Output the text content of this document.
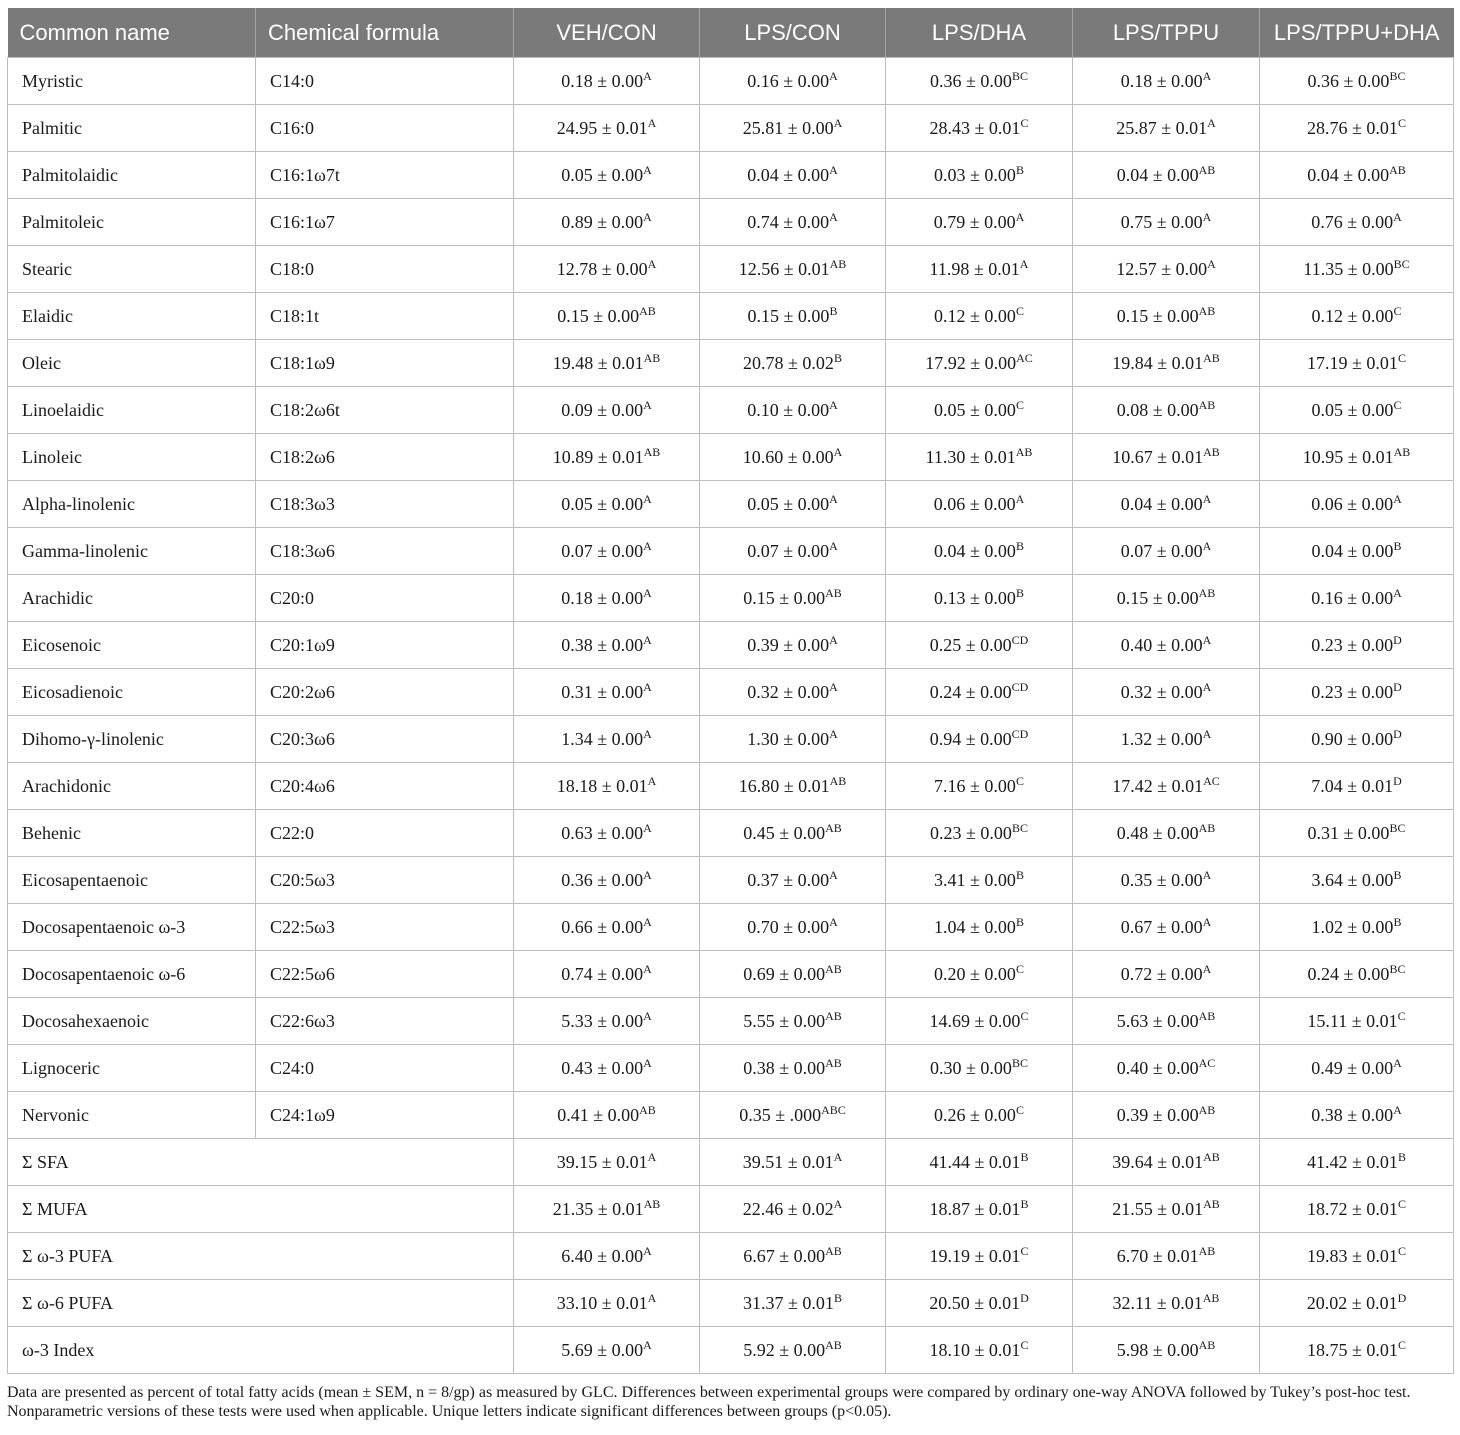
Common name	Chemical formula	VEH/CON	LPS/CON	LPS/DHA	LPS/TPPU	LPS/TPPU+DHA
Myristic	C14:0	$0.18 \pm 0.00^A$	$0.16 \pm 0.00^A$	$0.36 \pm 0.00^{BC}$	$0.18 \pm 0.00^A$	$0.36 \pm 0.00^{BC}$
Palmitic	C16:0	$24.95 \pm 0.01^A$	$25.81 \pm 0.00^A$	$28.43 \pm 0.01^C$	$25.87 \pm 0.01^A$	$28.76 \pm 0.01^C$
Palmitolaidic	C16:1ω7t	$0.05 \pm 0.00^A$	$0.04 \pm 0.00^A$	$0.03 \pm 0.00^B$	$0.04 \pm 0.00^{AB}$	$0.04 \pm 0.00^{AB}$
Palmitoleic	C16:1ω7	$0.89 \pm 0.00^A$	$0.74 \pm 0.00^A$	$0.79 \pm 0.00^A$	$0.75 \pm 0.00^A$	$0.76 \pm 0.00^A$
Stearic	C18:0	$12.78 \pm 0.00^A$	$12.56 \pm 0.01^{AB}$	$11.98 \pm 0.01^A$	$12.57 \pm 0.00^A$	$11.35 \pm 0.00^{BC}$
Elaidic	C18:1t	$0.15 \pm 0.00^{AB}$	$0.15 \pm 0.00^B$	$0.12 \pm 0.00^C$	$0.15 \pm 0.00^{AB}$	$0.12 \pm 0.00^C$
Oleic	C18:1ω9	$19.48 \pm 0.01^{AB}$	$20.78 \pm 0.02^B$	$17.92 \pm 0.00^{AC}$	$19.84 \pm 0.01^{AB}$	$17.19 \pm 0.01^C$
Linoelaidic	C18:2ω6t	$0.09 \pm 0.00^A$	$0.10 \pm 0.00^A$	$0.05 \pm 0.00^C$	$0.08 \pm 0.00^{AB}$	$0.05 \pm 0.00^C$
Linoleic	C18:2ω6	$10.89 \pm 0.01^{AB}$	$10.60 \pm 0.00^A$	$11.30 \pm 0.01^{AB}$	$10.67 \pm 0.01^{AB}$	$10.95 \pm 0.01^{AB}$
Alpha-linolenic	C18:3ω3	$0.05 \pm 0.00^A$	$0.05 \pm 0.00^A$	$0.06 \pm 0.00^A$	$0.04 \pm 0.00^A$	$0.06 \pm 0.00^A$
Gamma-linolenic	C18:3ω6	$0.07 \pm 0.00^A$	$0.07 \pm 0.00^A$	$0.04 \pm 0.00^B$	$0.07 \pm 0.00^A$	$0.04 \pm 0.00^B$
Arachidic	C20:0	$0.18 \pm 0.00^A$	$0.15 \pm 0.00^{AB}$	$0.13 \pm 0.00^B$	$0.15 \pm 0.00^{AB}$	$0.16 \pm 0.00^A$
Eicosenoic	C20:1ω9	$0.38 \pm 0.00^A$	$0.39 \pm 0.00^A$	$0.25 \pm 0.00^{CD}$	$0.40 \pm 0.00^A$	$0.23 \pm 0.00^D$
Eicosadienoic	C20:2ω6	$0.31 \pm 0.00^A$	$0.32 \pm 0.00^A$	$0.24 \pm 0.00^{CD}$	$0.32 \pm 0.00^A$	$0.23 \pm 0.00^D$
Dihomo-γ-linolenic	C20:3ω6	$1.34 \pm 0.00^A$	$1.30 \pm 0.00^A$	$0.94 \pm 0.00^{CD}$	$1.32 \pm 0.00^A$	$0.90 \pm 0.00^D$
Arachidonic	C20:4ω6	$18.18 \pm 0.01^A$	$16.80 \pm 0.01^{AB}$	$7.16 \pm 0.00^C$	$17.42 \pm 0.01^{AC}$	$7.04 \pm 0.01^D$
Behenic	C22:0	$0.63 \pm 0.00^A$	$0.45 \pm 0.00^{AB}$	$0.23 \pm 0.00^{BC}$	$0.48 \pm 0.00^{AB}$	$0.31 \pm 0.00^{BC}$
Eicosapentaenoic	C20:5ω3	$0.36 \pm 0.00^A$	$0.37 \pm 0.00^A$	$3.41 \pm 0.00^B$	$0.35 \pm 0.00^A$	$3.64 \pm 0.00^B$
Docosapentaenoic ω-3	C22:5ω3	$0.66 \pm 0.00^A$	$0.70 \pm 0.00^A$	$1.04 \pm 0.00^B$	$0.67 \pm 0.00^A$	$1.02 \pm 0.00^B$
Docosapentaenoic ω-6	C22:5ω6	$0.74 \pm 0.00^A$	$0.69 \pm 0.00^{AB}$	$0.20 \pm 0.00^C$	$0.72 \pm 0.00^A$	$0.24 \pm 0.00^{BC}$
Docosahexaenoic	C22:6ω3	$5.33 \pm 0.00^A$	$5.55 \pm 0.00^{AB}$	$14.69 \pm 0.00^C$	$5.63 \pm 0.00^{AB}$	$15.11 \pm 0.01^C$
Lignoceric	C24:0	$0.43 \pm 0.00^A$	$0.38 \pm 0.00^{AB}$	$0.30 \pm 0.00^{BC}$	$0.40 \pm 0.00^{AC}$	$0.49 \pm 0.00^A$
Nervonic	C24:1ω9	$0.41 \pm 0.00^{AB}$	$0.35 \pm .000^{ABC}$	$0.26 \pm 0.00^C$	$0.39 \pm 0.00^{AB}$	$0.38 \pm 0.00^A$
Σ SFA		$39.15 \pm 0.01^A$	$39.51 \pm 0.01^A$	$41.44 \pm 0.01^B$	$39.64 \pm 0.01^{AB}$	$41.42 \pm 0.01^B$
Σ MUFA		$21.35 \pm 0.01^{AB}$	$22.46 \pm 0.02^A$	$18.87 \pm 0.01^B$	$21.55 \pm 0.01^{AB}$	$18.72 \pm 0.01^C$
Σ ω-3 PUFA		$6.40 \pm 0.00^A$	$6.67 \pm 0.00^{AB}$	$19.19 \pm 0.01^C$	$6.70 \pm 0.01^{AB}$	$19.83 \pm 0.01^C$
Σ ω-6 PUFA		$33.10 \pm 0.01^A$	$31.37 \pm 0.01^B$	$20.50 \pm 0.01^D$	$32.11 \pm 0.01^{AB}$	$20.02 \pm 0.01^D$
ω-3 Index		$5.69 \pm 0.00^A$	$5.92 \pm 0.00^{AB}$	$18.10 \pm 0.01^C$	$5.98 \pm 0.00^{AB}$	$18.75 \pm 0.01^C$
Data are presented as percent of total fatty acids (mean ± SEM, n = 8/gp) as measured by GLC. Differences between experimental groups were compared by ordinary one-way ANOVA followed by Tukey’s post-hoc test. Nonparametric versions of these tests were used when applicable. Unique letters indicate significant differences between groups (p<0.05).
